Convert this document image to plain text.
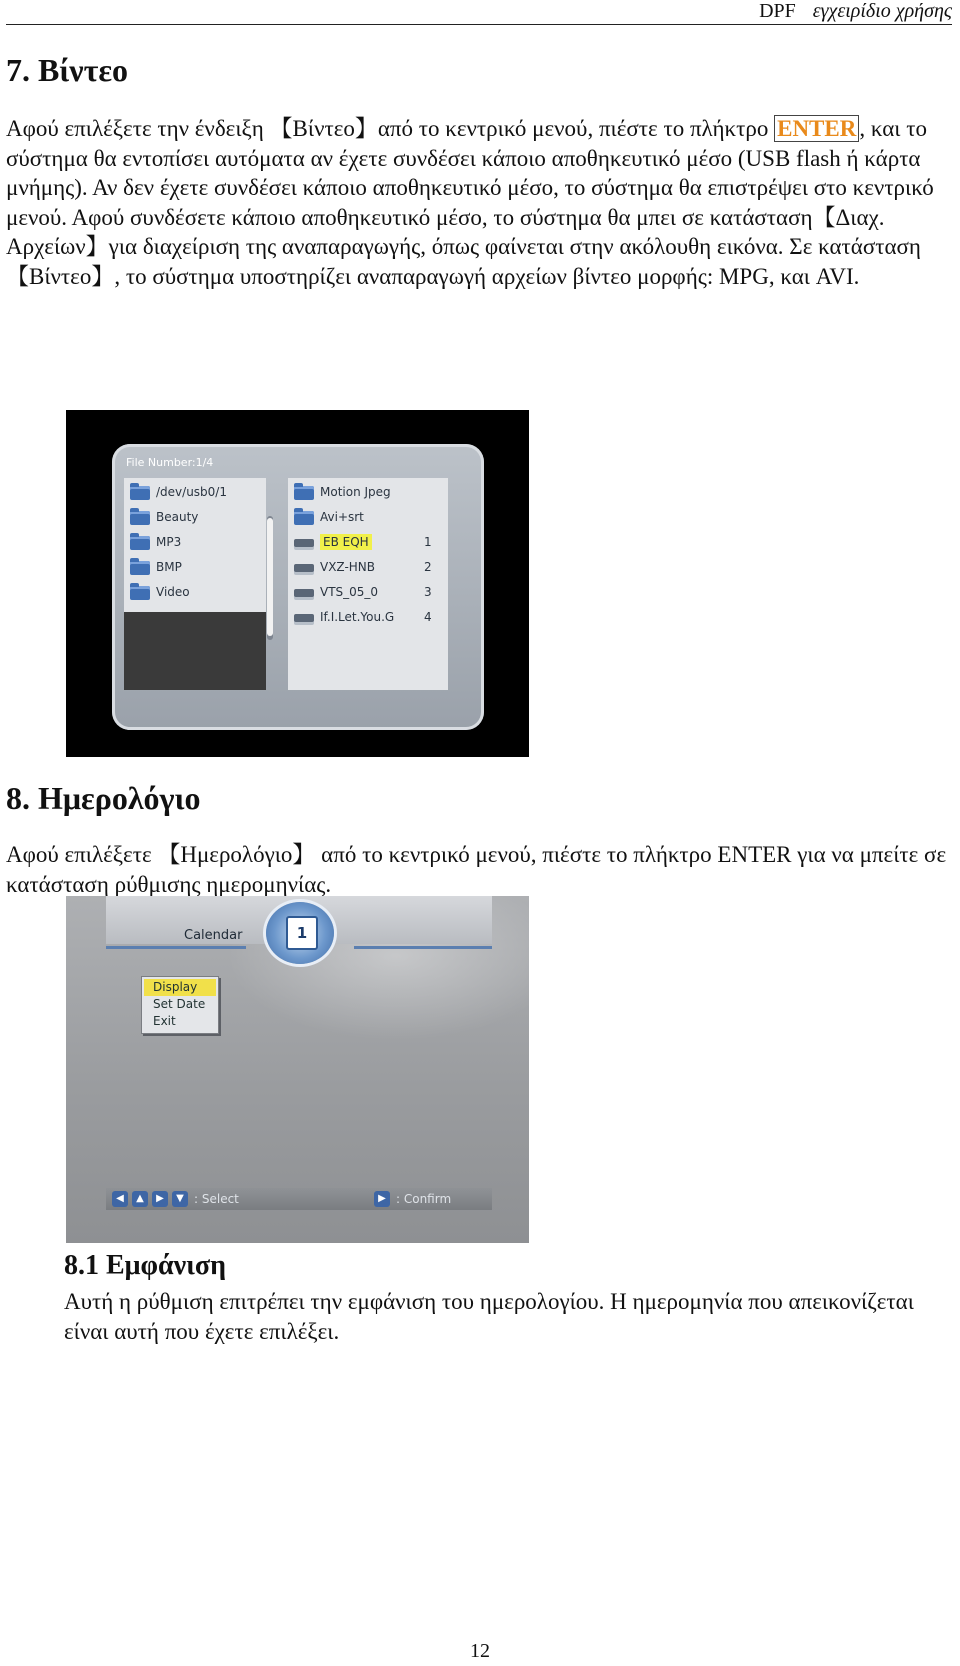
DPF εγχειρίδιο χρήσης
7. Βίντεο

Αφού επιλέξετε την ένδειξη 【Βίντεο】από το κεντρικό μενού, πιέστε το πλήκτρο ENTER , και το σύστημα θα εντοπίσει αυτόματα αν έχετε συνδέσει κάποιο αποθηκευτικό μέσο (USB flash ή κάρτα μνήμης). Αν δεν έχετε συνδέσει κάποιο αποθηκευτικό μέσο, το σύστημα θα επιστρέψει στο κεντρικό μενού. Αφού συνδέσετε κάποιο αποθηκευτικό μέσο, το σύστημα θα μπει σε κατάσταση【Διαχ. Αρχείων】για διαχείριση της αναπαραγωγής, όπως φαίνεται στην ακόλουθη εικόνα. Σε κατάσταση 【Βίντεο】, το σύστημα υποστηρίζει αναπαραγωγή αρχείων βίντεο μορφής: MPG, και AVI.

File Number:1/4
/dev/usb0/1
Beauty
MP3
BMP
Video
Motion Jpeg
Avi+srt
EB EQH	1
VXZ-HNB	2
VTS_05_0	3
If.I.Let.You.G 4
8. Ημερολόγιο

Αφού επιλέξετε 【Ημερολόγιο】 από το κεντρικό μενού, πιέστε το πλήκτρο ENTER για να μπείτε σε κατάσταση ρύθμισης ημερομηνίας.

Calendar	1
Display
Set Date
Exit
◀	▲	▶	▼ : Select	▶ : Confirm
8.1 Εμφάνιση

Αυτή η ρύθμιση επιτρέπει την εμφάνιση του ημερολογίου. Η ημερομηνία που απεικονίζεται είναι αυτή που έχετε επιλέξει.

12
